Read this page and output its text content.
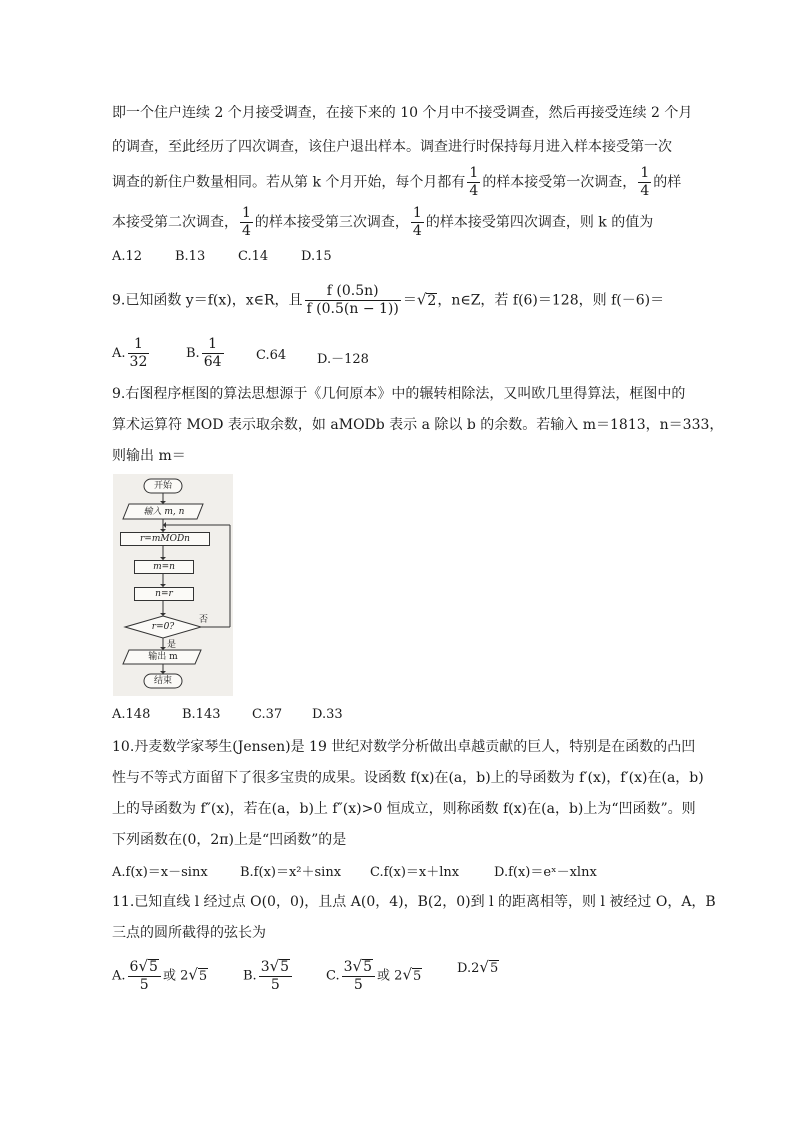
即一个住户连续 2 个月接受调查，在接下来的 10 个月中不接受调查，然后再接受连续 2 个月
的调查，至此经历了四次调查，该住户退出样本。调查进行时保持每月进入样本接受第一次
调查的新住户数量相同。若从第 k 个月开始，每个月都有 $\frac{1}{4}$ 的样本接受第一次调查， $\frac{1}{4}$ 的样
本接受第二次调查， $\frac{1}{4}$ 的样本接受第三次调查， $\frac{1}{4}$ 的样本接受第四次调查，则 k 的值为
A.12	B.13	C.14	D.15
9.已知函数 y＝f(x)，x∈R，且 $\frac{f (0.5n)}{f (0.5(n - 1))} =√2$，n∈Z，若 f(6)＝128，则 f(－6)＝
A. $\frac{1}{32}$	B. $\frac{1}{64} C.64$ D.－128
9.右图程序框图的算法思想源于《几何原本》中的辗转相除法，又叫欧几里得算法，框图中的
算术运算符 MOD 表示取余数，如 aMODb 表示 a 除以 b 的余数。若输入 m＝1813，n＝333，
则输出 m＝
开始
输入 m, n
r=mMODn
m=n
n=r
r=0?
否
是
输出 m
结束
A.148 B.143 C.37 D.33
10.丹麦数学家琴生(Jensen)是 19 世纪对数学分析做出卓越贡献的巨人，特别是在函数的凸凹
性与不等式方面留下了很多宝贵的成果。设函数 f(x)在(a，b)上的导函数为 f′(x)，f′(x)在(a，b)
上的导函数为 f″(x)，若在(a，b)上 f″(x)>0 恒成立，则称函数 f(x)在(a，b)上为“凹函数”。则
下列函数在(0，2π)上是“凹函数”的是
A.f(x)＝x－sinx B.f(x)＝x²＋sinx C.f(x)＝x＋lnx	D.f(x)＝eˣ－xlnx
11.已知直线 l 经过点 O(0，0)，且点 A(0，4)，B(2，0)到 l 的距离相等，则 l 被经过 O，A，B
三点的圆所截得的弦长为
A. $\frac{6√5}{5}$ 或 2√5	B. $\frac{3√5}{5}$	C. $\frac{3√5}{5}$ 或 2√5	D.2√5
